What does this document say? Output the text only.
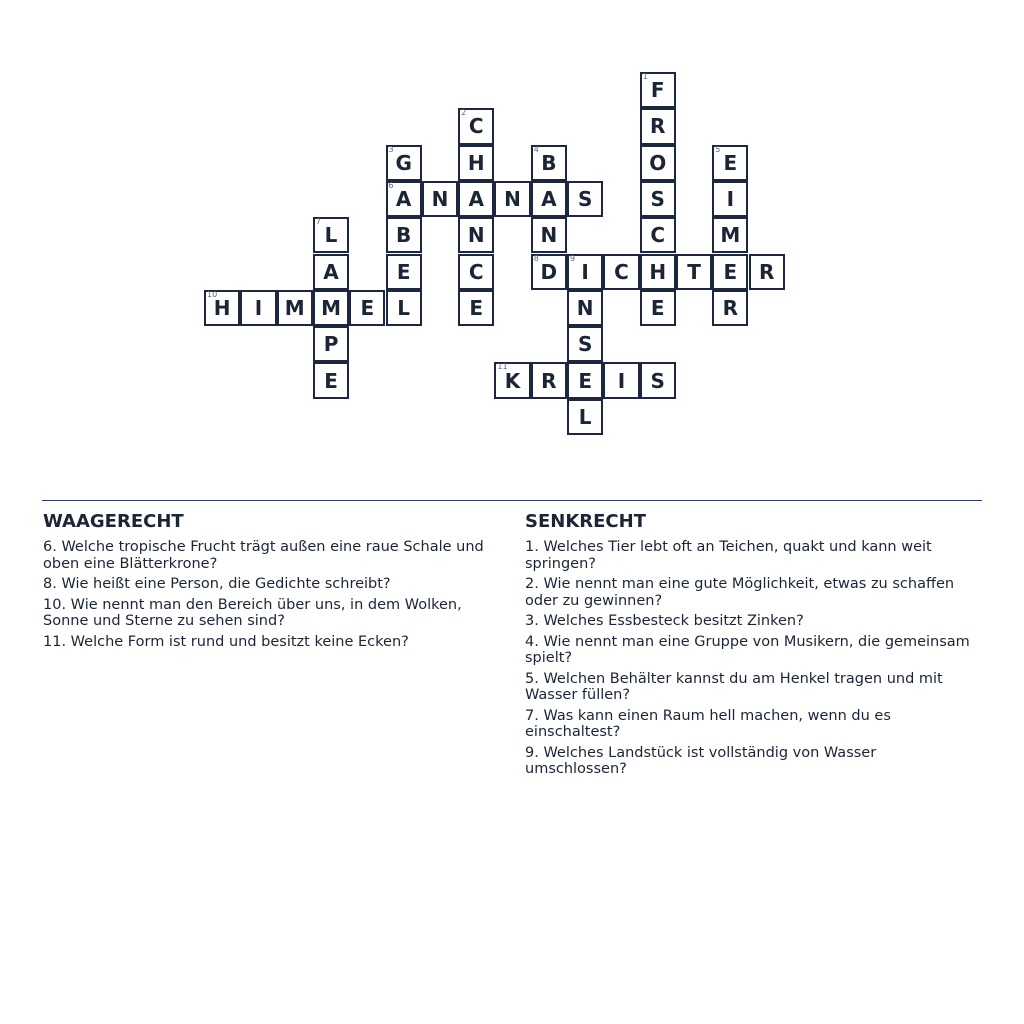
1
F
R
O
S
C
H
E
2
C
H
A
N
C
E
3
G
6
A
B
E
L
4
B
A
N
8
D
5
E
I
M
E
R
N	N	S
7
L
A
M
P
E
9
I	C	T	R
N
S
E
L
10
H	I	M	E
11
K	R	I	S
WAAGERECHT
6. Welche tropische Frucht trägt außen eine raue Schale und oben eine Blätterkrone?
8. Wie heißt eine Person, die Gedichte schreibt?
10. Wie nennt man den Bereich über uns, in dem Wolken, Sonne und Sterne zu sehen sind?
11. Welche Form ist rund und besitzt keine Ecken?
SENKRECHT
1. Welches Tier lebt oft an Teichen, quakt und kann weit springen?
2. Wie nennt man eine gute Möglichkeit, etwas zu schaffen oder zu gewinnen?
3. Welches Essbesteck besitzt Zinken?
4. Wie nennt man eine Gruppe von Musikern, die gemeinsam spielt?
5. Welchen Behälter kannst du am Henkel tragen und mit Wasser füllen?
7. Was kann einen Raum hell machen, wenn du es einschaltest?
9. Welches Landstück ist vollständig von Wasser umschlossen?
